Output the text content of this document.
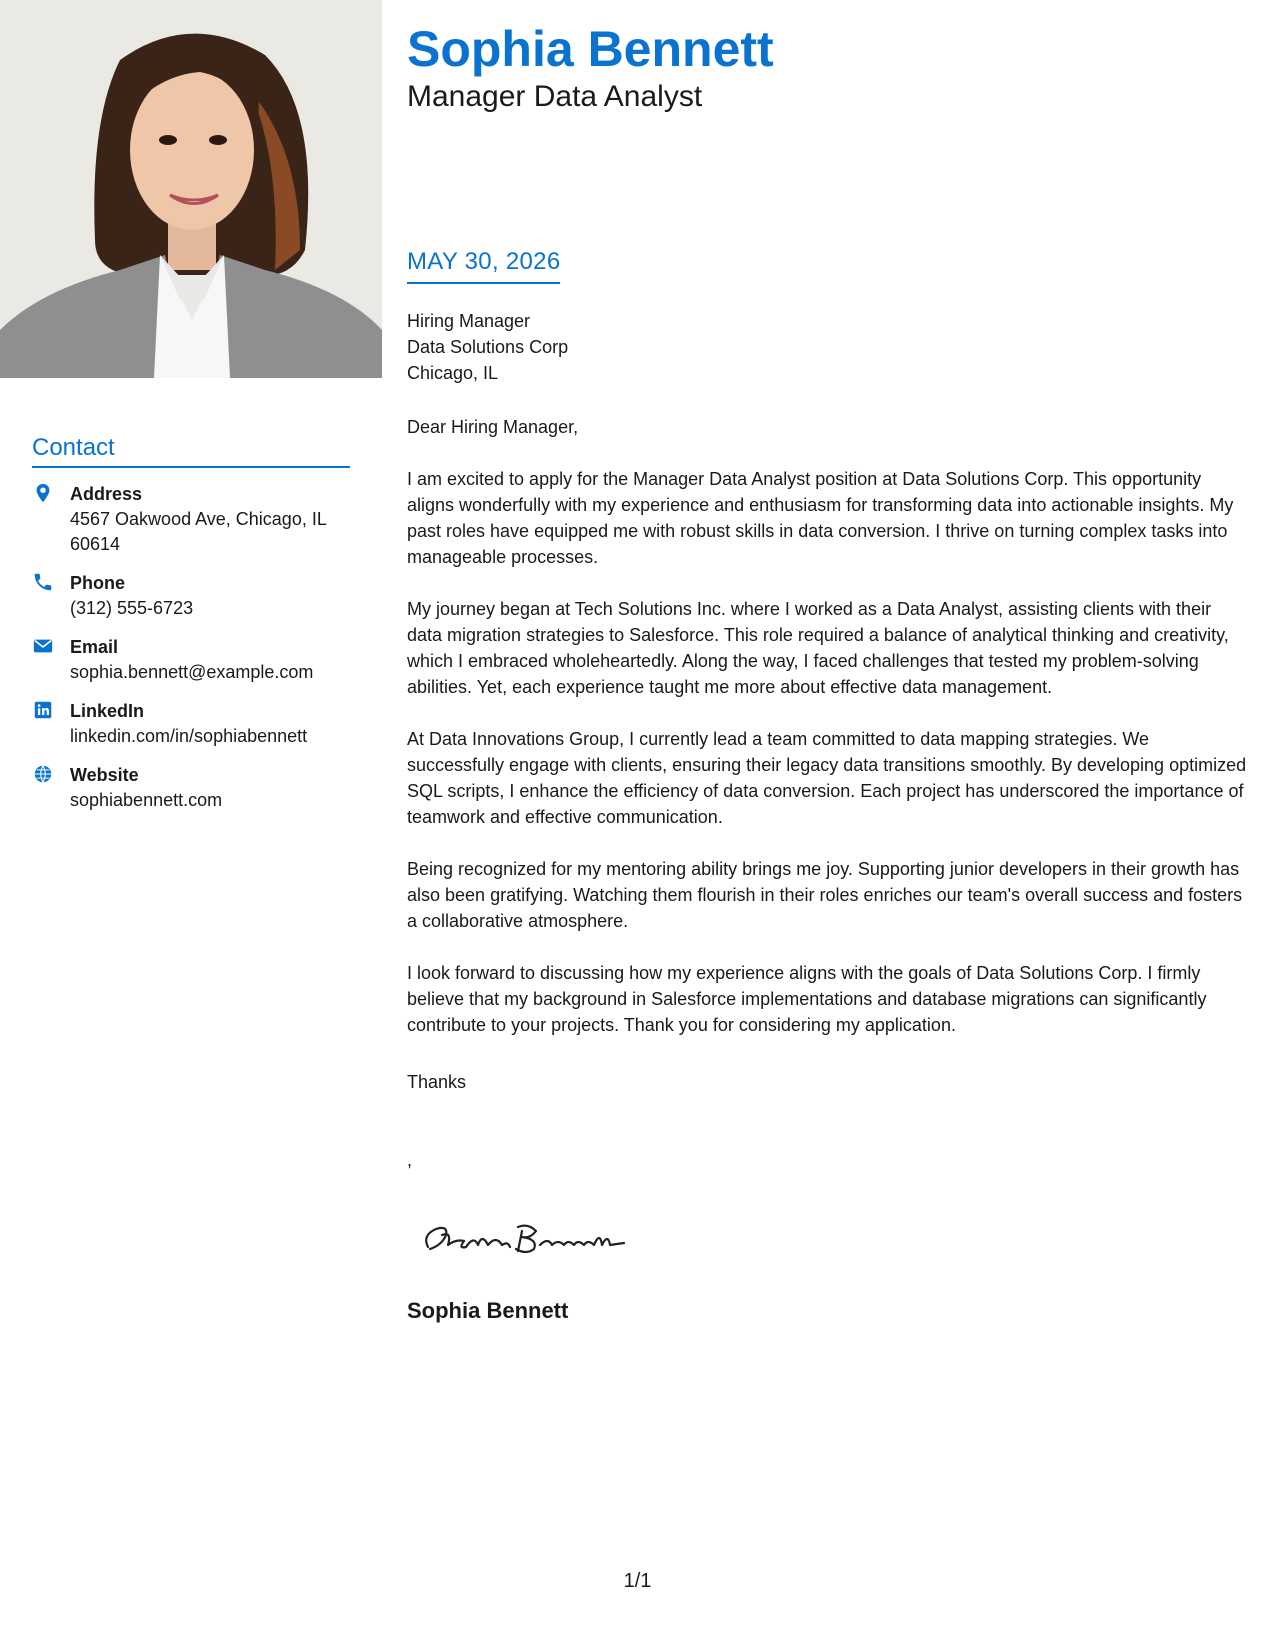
Sophia Bennett
Manager Data Analyst
MAY 30, 2026
Hiring Manager
Data Solutions Corp
Chicago, IL

Dear Hiring Manager,

I am excited to apply for the Manager Data Analyst position at Data Solutions Corp. This opportunity aligns wonderfully with my experience and enthusiasm for transforming data into actionable insights. My past roles have equipped me with robust skills in data conversion. I thrive on turning complex tasks into manageable processes.

My journey began at Tech Solutions Inc. where I worked as a Data Analyst, assisting clients with their data migration strategies to Salesforce. This role required a balance of analytical thinking and creativity, which I embraced wholeheartedly. Along the way, I faced challenges that tested my problem-solving abilities. Yet, each experience taught me more about effective data management.

At Data Innovations Group, I currently lead a team committed to data mapping strategies. We successfully engage with clients, ensuring their legacy data transitions smoothly. By developing optimized SQL scripts, I enhance the efficiency of data conversion. Each project has underscored the importance of teamwork and effective communication.

Being recognized for my mentoring ability brings me joy. Supporting junior developers in their growth has also been gratifying. Watching them flourish in their roles enriches our team's overall success and fosters a collaborative atmosphere.

I look forward to discussing how my experience aligns with the goals of Data Solutions Corp. I firmly believe that my background in Salesforce implementations and database migrations can significantly contribute to your projects. Thank you for considering my application.

Thanks
,
Sophia Bennett
Contact
Address
4567 Oakwood Ave, Chicago, IL 60614
Phone
(312) 555-6723
Email
sophia.bennett@example.com
LinkedIn
linkedin.com/in/sophiabennett
Website
sophiabennett.com
1/1
